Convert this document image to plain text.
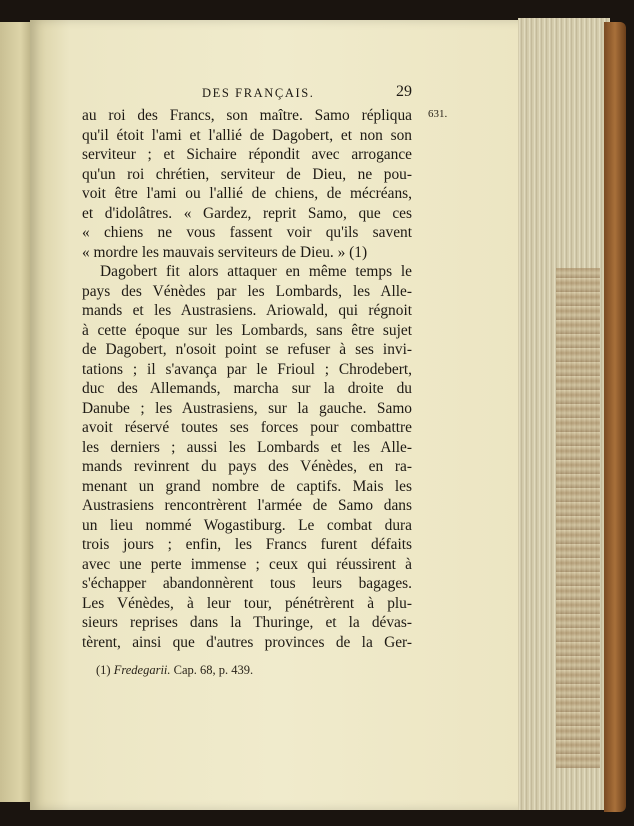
631.
DES FRANÇAIS.	29
au roi des Francs, son maître. Samo répliqua
qu'il étoit l'ami et l'allié de Dagobert, et non son
serviteur ; et Sichaire répondit avec arrogance
qu'un roi chrétien, serviteur de Dieu, ne pou-
voit être l'ami ou l'allié de chiens, de mécréans,
et d'idolâtres. « Gardez, reprit Samo, que ces
« chiens ne vous fassent voir qu'ils savent
« mordre les mauvais serviteurs de Dieu. » (1)
Dagobert fit alors attaquer en même temps le
pays des Vénèdes par les Lombards, les Alle-
mands et les Austrasiens. Ariowald, qui régnoit
à cette époque sur les Lombards, sans être sujet
de Dagobert, n'osoit point se refuser à ses invi-
tations ; il s'avança par le Frioul ; Chrodebert,
duc des Allemands, marcha sur la droite du
Danube ; les Austrasiens, sur la gauche. Samo
avoit réservé toutes ses forces pour combattre
les derniers ; aussi les Lombards et les Alle-
mands revinrent du pays des Vénèdes, en ra-
menant un grand nombre de captifs. Mais les
Austrasiens rencontrèrent l'armée de Samo dans
un lieu nommé Wogastiburg. Le combat dura
trois jours ; enfin, les Francs furent défaits
avec une perte immense ; ceux qui réussirent à
s'échapper abandonnèrent tous leurs bagages.
Les Vénèdes, à leur tour, pénétrèrent à plu-
sieurs reprises dans la Thuringe, et la dévas-
tèrent, ainsi que d'autres provinces de la Ger-
(1) Fredegarii. Cap. 68, p. 439.
